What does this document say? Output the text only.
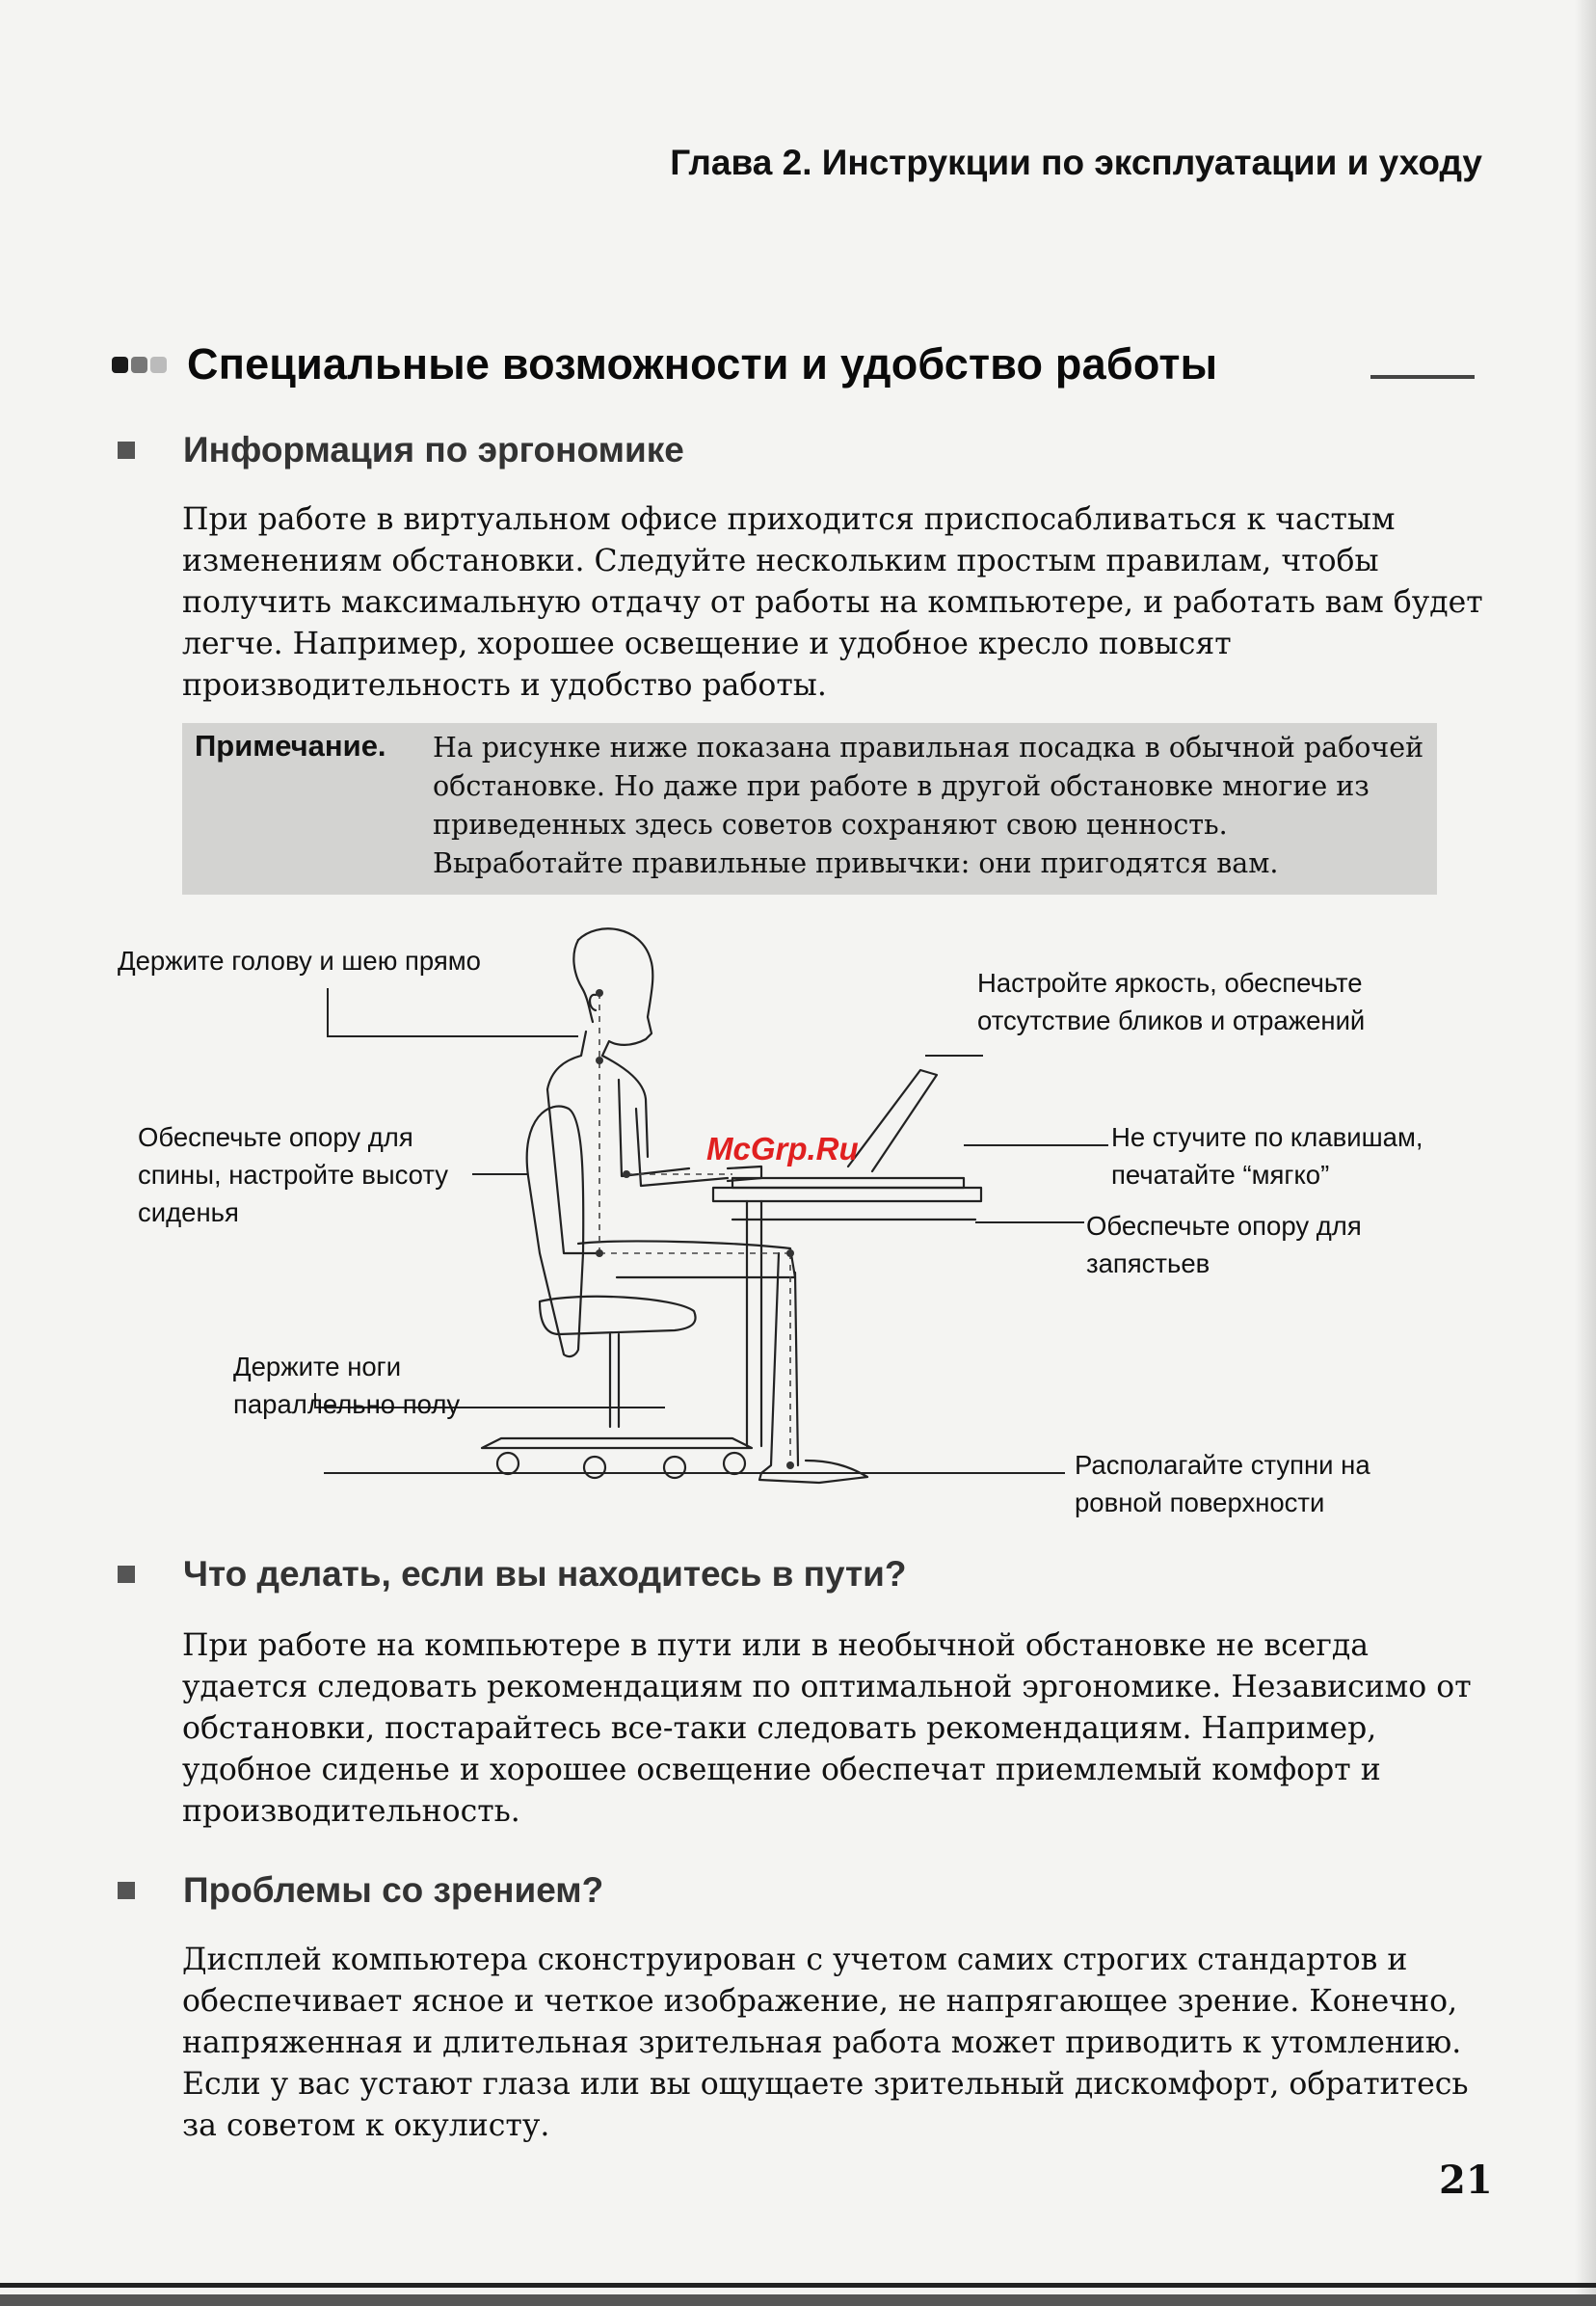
Глава 2. Инструкции по эксплуатации и уходу
Специальные возможности и удобство работы
Информация по эргономике
При работе в виртуальном офисе приходится приспосабливаться к частым
изменениям обстановки. Следуйте нескольким простым правилам, чтобы
получить максимальную отдачу от работы на компьютере, и работать вам будет
легче. Например, хорошее освещение и удобное кресло повысят
производительность и удобство работы.
Примечание. На рисунке ниже показана правильная посадка в обычной рабочей
обстановке. Но даже при работе в другой обстановке многие из
приведенных здесь советов сохраняют свою ценность.
Выработайте правильные привычки: они пригодятся вам.
McGrp.Ru
Держите голову и шею прямо
Настройте яркость, обеспечьте
отсутствие бликов и отражений
Обеспечьте опору для
спины, настройте высоту
сиденья
Не стучите по клавишам,
печатайте “мягко”
Обеспечьте опору для
запястьев
Держите ноги
параллельно полу
Располагайте ступни на
ровной поверхности
Что делать, если вы находитесь в пути?
При работе на компьютере в пути или в необычной обстановке не всегда
удается следовать рекомендациям по оптимальной эргономике. Независимо от
обстановки, постарайтесь все-таки следовать рекомендациям. Например,
удобное сиденье и хорошее освещение обеспечат приемлемый комфорт и
производительность.
Проблемы со зрением?
Дисплей компьютера сконструирован с учетом самих строгих стандартов и
обеспечивает ясное и четкое изображение, не напрягающее зрение. Конечно,
напряженная и длительная зрительная работа может приводить к утомлению.
Если у вас устают глаза или вы ощущаете зрительный дискомфорт, обратитесь
за советом к окулисту.
21
